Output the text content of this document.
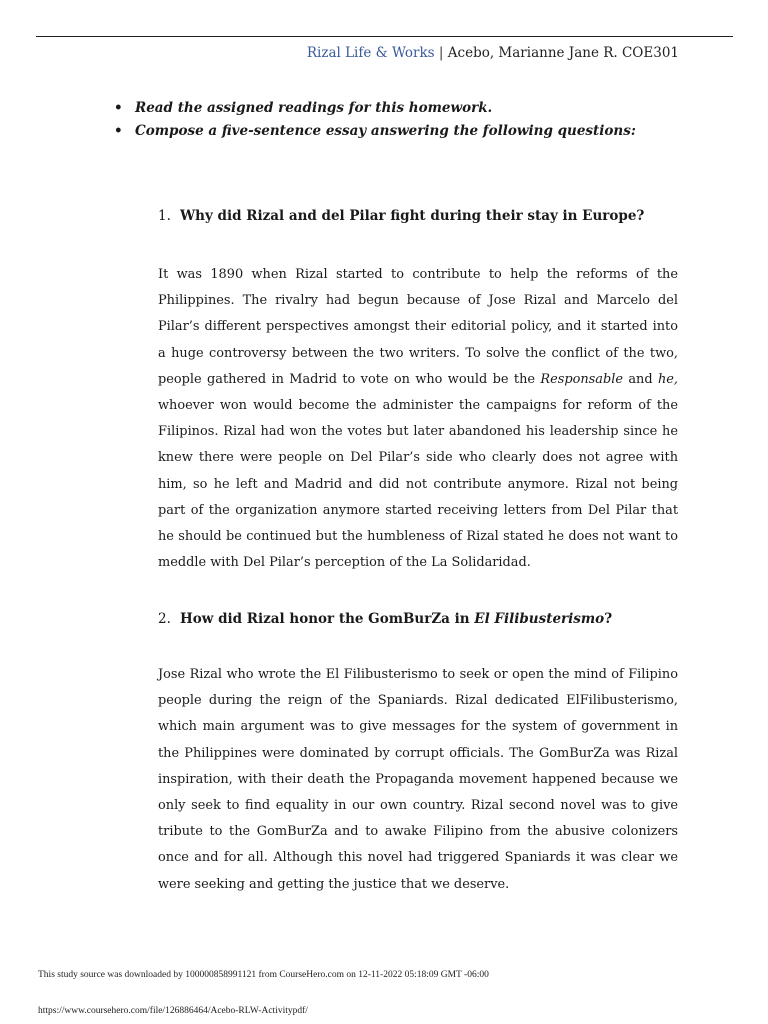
Rizal Life & Works | Acebo, Marianne Jane R. COE301
• Read the assigned readings for this homework.
• Compose a five-sentence essay answering the following questions:
1. Why did Rizal and del Pilar fight during their stay in Europe?

It was 1890 when Rizal started to contribute to help the reforms of the Philippines. The rivalry had begun because of Jose Rizal and Marcelo del Pilar’s different perspectives amongst their editorial policy, and it started into a huge controversy between the two writers. To solve the conflict of the two, people gathered in Madrid to vote on who would be the Responsable and he, whoever won would become the administer the campaigns for reform of the Filipinos. Rizal had won the votes but later abandoned his leadership since he knew there were people on Del Pilar’s side who clearly does not agree with him, so he left and Madrid and did not contribute anymore. Rizal not being part of the organization anymore started receiving letters from Del Pilar that he should be continued but the humbleness of Rizal stated he does not want to meddle with Del Pilar’s perception of the La Solidaridad.

2. How did Rizal honor the GomBurZa in El Filibusterismo?

Jose Rizal who wrote the El Filibusterismo to seek or open the mind of Filipino people during the reign of the Spaniards. Rizal dedicated ElFilibusterismo, which main argument was to give messages for the system of government in the Philippines were dominated by corrupt officials. The GomBurZa was Rizal inspiration, with their death the Propaganda movement happened because we only seek to find equality in our own country. Rizal second novel was to give tribute to the GomBurZa and to awake Filipino from the abusive colonizers once and for all. Although this novel had triggered Spaniards it was clear we were seeking and getting the justice that we deserve.

This study source was downloaded by 100000858991121 from CourseHero.com on 12-11-2022 05:18:09 GMT -06:00
https://www.coursehero.com/file/126886464/Acebo-RLW-Activitypdf/
